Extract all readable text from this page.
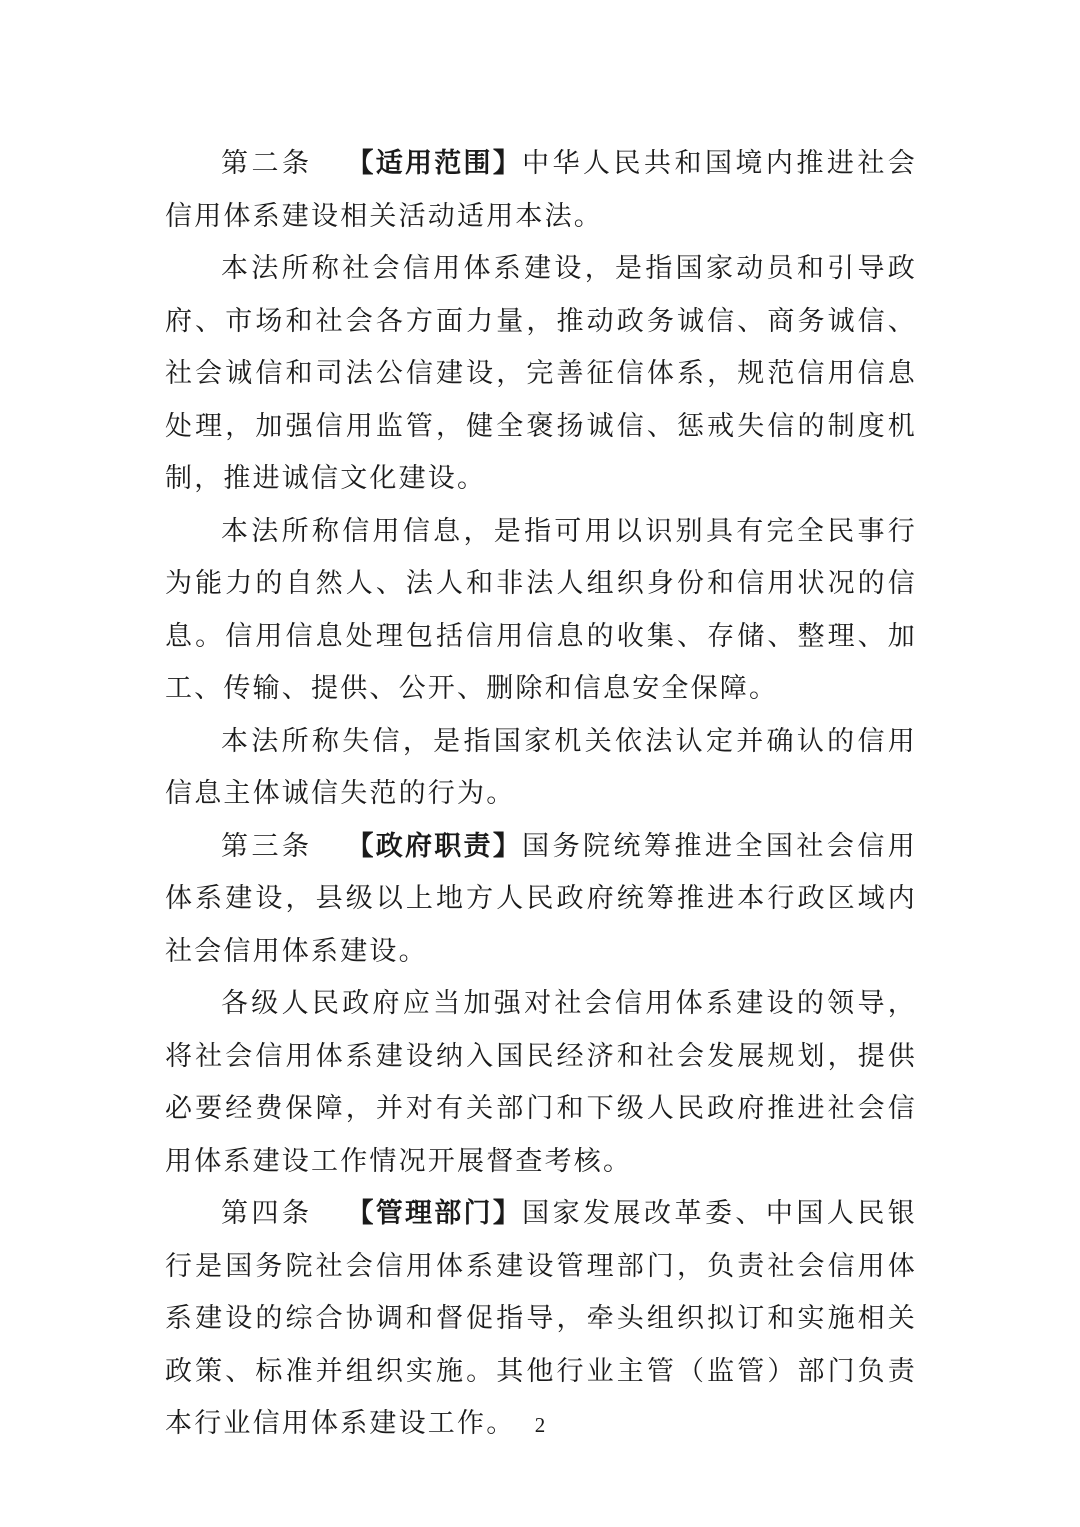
第二条 【适用范围】中华人民共和国境内推进社会信用体系建设相关活动适用本法。

本法所称社会信用体系建设，是指国家动员和引导政府、市场和社会各方面力量，推动政务诚信、商务诚信、社会诚信和司法公信建设，完善征信体系，规范信用信息处理，加强信用监管，健全褒扬诚信、惩戒失信的制度机制，推进诚信文化建设。

本法所称信用信息，是指可用以识别具有完全民事行为能力的自然人、法人和非法人组织身份和信用状况的信息。信用信息处理包括信用信息的收集、存储、整理、加工、传输、提供、公开、删除和信息安全保障。

本法所称失信，是指国家机关依法认定并确认的信用信息主体诚信失范的行为。

第三条 【政府职责】国务院统筹推进全国社会信用体系建设，县级以上地方人民政府统筹推进本行政区域内社会信用体系建设。

各级人民政府应当加强对社会信用体系建设的领导，将社会信用体系建设纳入国民经济和社会发展规划，提供必要经费保障，并对有关部门和下级人民政府推进社会信用体系建设工作情况开展督查考核。

第四条 【管理部门】国家发展改革委、中国人民银行是国务院社会信用体系建设管理部门，负责社会信用体系建设的综合协调和督促指导，牵头组织拟订和实施相关政策、标准并组织实施。其他行业主管（监管）部门负责本行业信用体系建设工作。 2
